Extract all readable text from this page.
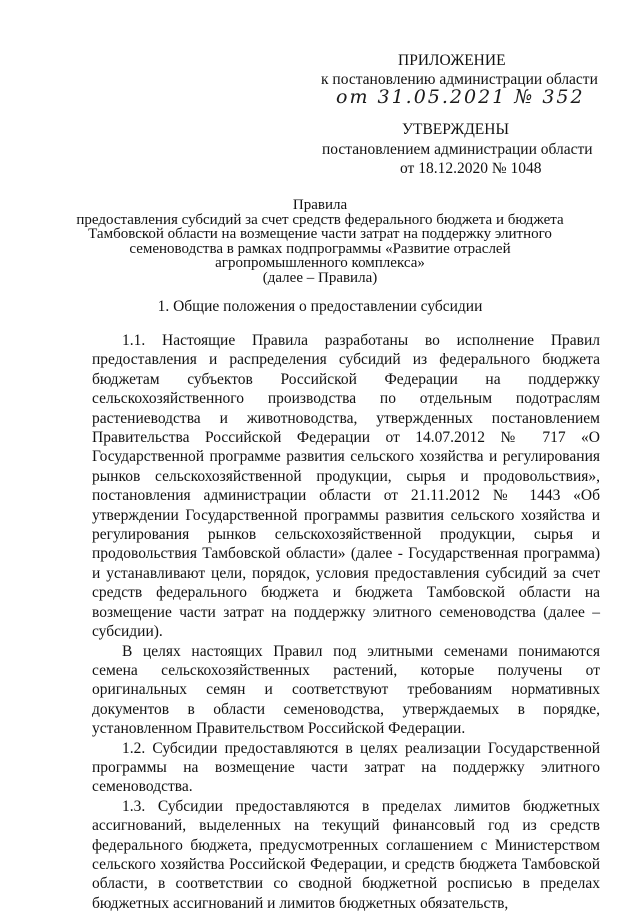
ПРИЛОЖЕНИЕ
к постановлению администрации области
от 31.05.2021 № 352
УТВЕРЖДЕНЫ
постановлением администрации области
от 18.12.2020 № 1048
Правила
предоставления субсидий за счет средств федерального бюджета и бюджета
Тамбовской области на возмещение части затрат на поддержку элитного
семеноводства в рамках подпрограммы «Развитие отраслей
агропромышленного комплекса»
(далее – Правила)
1. Общие положения о предоставлении субсидии

1.1. Настоящие Правила разработаны во исполнение Правил предоставления и распределения субсидий из федерального бюджета бюджетам субъектов Российской Федерации на поддержку сельскохозяйственного производства по отдельным подотраслям растениеводства и животноводства, утвержденных постановлением Правительства Российской Федерации от 14.07.2012 № 717 «О Государственной программе развития сельского хозяйства и регулирования рынков сельскохозяйственной продукции, сырья и продовольствия», постановления администрации области от 21.11.2012 № 1443 «Об утверждении Государственной программы развития сельского хозяйства и регулирования рынков сельскохозяйственной продукции, сырья и продовольствия Тамбовской области» (далее - Государственная программа) и устанавливают цели, порядок, условия предоставления субсидий за счет средств федерального бюджета и бюджета Тамбовской области на возмещение части затрат на поддержку элитного семеноводства (далее – субсидии).

В целях настоящих Правил под элитными семенами понимаются семена сельскохозяйственных растений, которые получены от оригинальных семян и соответствуют требованиям нормативных документов в области семеноводства, утверждаемых в порядке, установленном Правительством Российской Федерации.

1.2. Субсидии предоставляются в целях реализации Государственной программы на возмещение части затрат на поддержку элитного семеноводства.

1.3. Субсидии предоставляются в пределах лимитов бюджетных ассигнований, выделенных на текущий финансовый год из средств федерального бюджета, предусмотренных соглашением с Министерством сельского хозяйства Российской Федерации, и средств бюджета Тамбовской области, в соответствии со сводной бюджетной росписью в пределах бюджетных ассигнований и лимитов бюджетных обязательств,
